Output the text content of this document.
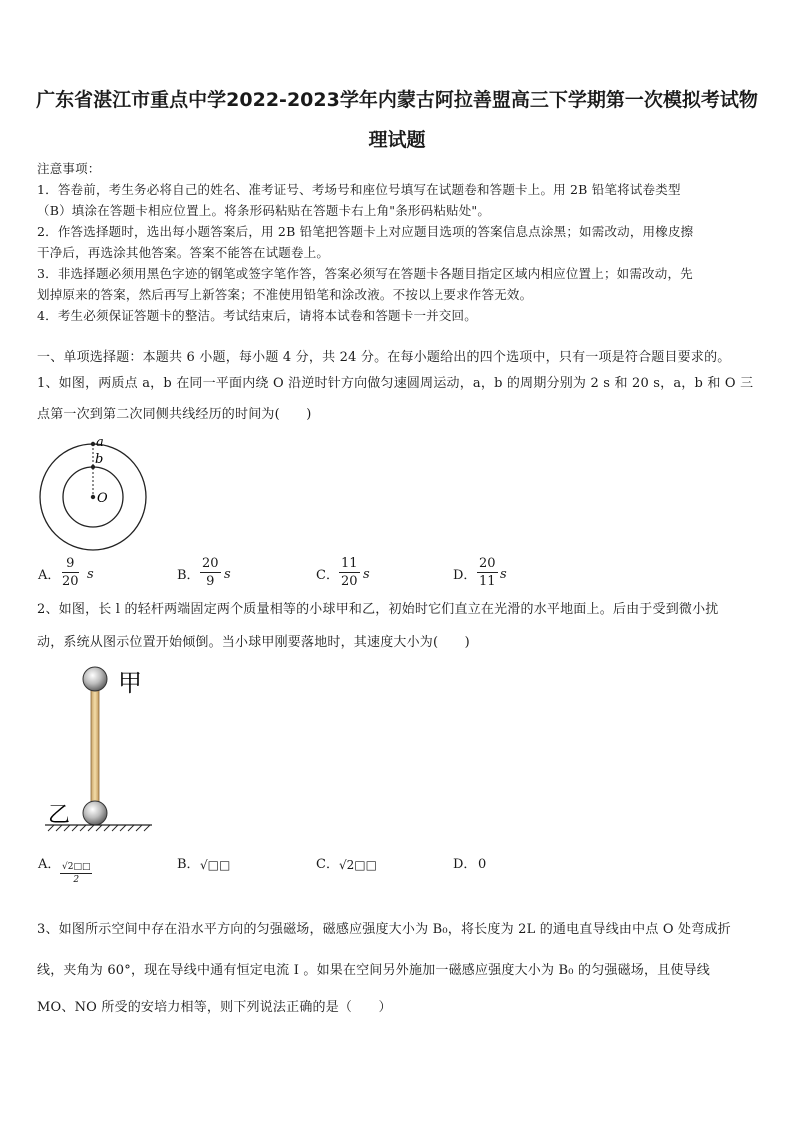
广东省湛江市重点中学2022-2023学年内蒙古阿拉善盟高三下学期第一次模拟考试物
理试题
注意事项：
1．答卷前，考生务必将自己的姓名、准考证号、考场号和座位号填写在试题卷和答题卡上。用 2B 铅笔将试卷类型
（B）填涂在答题卡相应位置上。将条形码粘贴在答题卡右上角"条形码粘贴处"。
2．作答选择题时，选出每小题答案后，用 2B 铅笔把答题卡上对应题目选项的答案信息点涂黑；如需改动，用橡皮擦
干净后，再选涂其他答案。答案不能答在试题卷上。
3．非选择题必须用黑色字迹的钢笔或签字笔作答，答案必须写在答题卡各题目指定区域内相应位置上；如需改动，先
划掉原来的答案，然后再写上新答案；不准使用铅笔和涂改液。不按以上要求作答无效。
4．考生必须保证答题卡的整洁。考试结束后，请将本试卷和答题卡一并交回。
一、单项选择题：本题共 6 小题，每小题 4 分，共 24 分。在每小题给出的四个选项中，只有一项是符合题目要求的。
1、如图，两质点 a，b 在同一平面内绕 O 沿逆时针方向做匀速圆周运动，a，b 的周期分别为 2 s 和 20 s，a，b 和 O 三
点第一次到第二次同侧共线经历的时间为(　　)
a
b
O
A． $\frac{9}{20}$ s	B． $\frac{20}{9}$ s	C． $\frac{11}{20}$ s	D． $\frac{20}{11}$ s
2、如图，长 l 的轻杆两端固定两个质量相等的小球甲和乙，初始时它们直立在光滑的水平地面上。后由于受到微小扰
动，系统从图示位置开始倾倒。当小球甲刚要落地时，其速度大小为(　　)
甲
乙
A． $\frac{√2□□}{2}$	B． √□□	C． √2□□	D． 0
3、如图所示空间中存在沿水平方向的匀强磁场，磁感应强度大小为 B₀，将长度为 2L 的通电直导线由中点 O 处弯成折
线，夹角为 60°，现在导线中通有恒定电流 I 。如果在空间另外施加一磁感应强度大小为 B₀ 的匀强磁场，且使导线
MO、NO 所受的安培力相等，则下列说法正确的是（　　）
